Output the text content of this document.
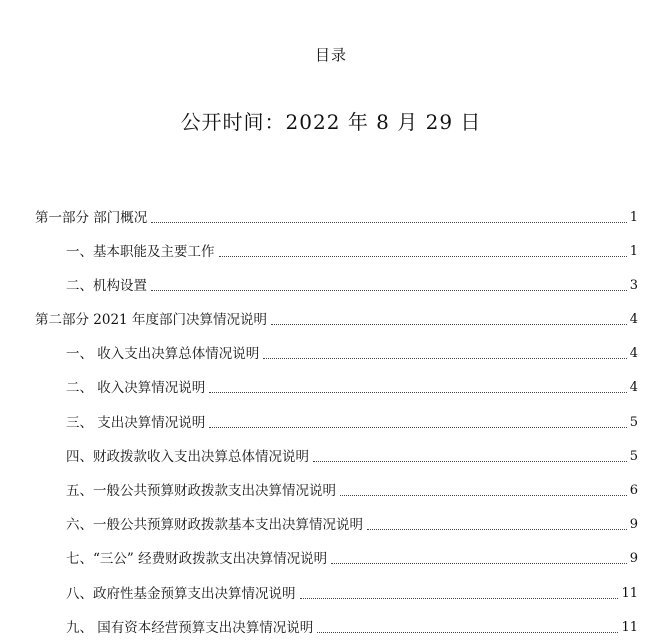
目录
公开时间：2022 年 8 月 29 日
第一部分 部门概况	1
一、基本职能及主要工作	1
二、机构设置	3
第二部分 2021 年度部门决算情况说明	4
一、 收入支出决算总体情况说明	4
二、 收入决算情况说明	4
三、 支出决算情况说明	5
四、财政拨款收入支出决算总体情况说明	5
五、一般公共预算财政拨款支出决算情况说明	6
六、一般公共预算财政拨款基本支出决算情况说明	9
七、“三公” 经费财政拨款支出决算情况说明	9
八、政府性基金预算支出决算情况说明	11
九、 国有资本经营预算支出决算情况说明	11
